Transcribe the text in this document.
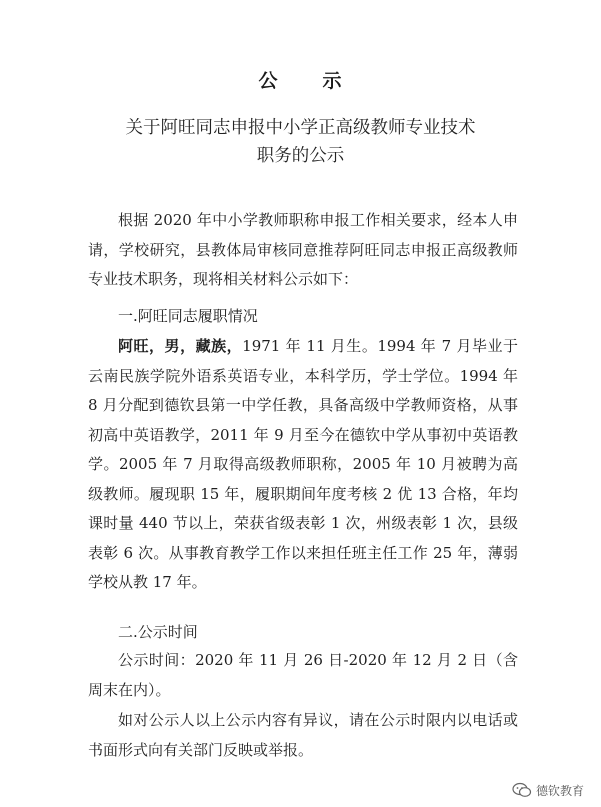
公 示
关于阿旺同志申报中小学正高级教师专业技术
职务的公示

根据 2020 年中小学教师职称申报工作相关要求，经本人申请，学校研究，县教体局审核同意推荐阿旺同志申报正高级教师专业技术职务，现将相关材料公示如下：

一.阿旺同志履职情况

阿旺，男，藏族，1971 年 11 月生。1994 年 7 月毕业于云南民族学院外语系英语专业，本科学历，学士学位。1994 年 8 月分配到德钦县第一中学任教，具备高级中学教师资格，从事初高中英语教学，2011 年 9 月至今在德钦中学从事初中英语教学。2005 年 7 月取得高级教师职称，2005 年 10 月被聘为高级教师。履现职 15 年，履职期间年度考核 2 优 13 合格，年均课时量 440 节以上，荣获省级表彰 1 次，州级表彰 1 次，县级表彰 6 次。从事教育教学工作以来担任班主任工作 25 年，薄弱学校从教 17 年。

二.公示时间

公示时间：2020 年 11 月 26 日-2020 年 12 月 2 日（含周末在内）。

如对公示人以上公示内容有异议，请在公示时限内以电话或书面形式向有关部门反映或举报。

德钦教育
